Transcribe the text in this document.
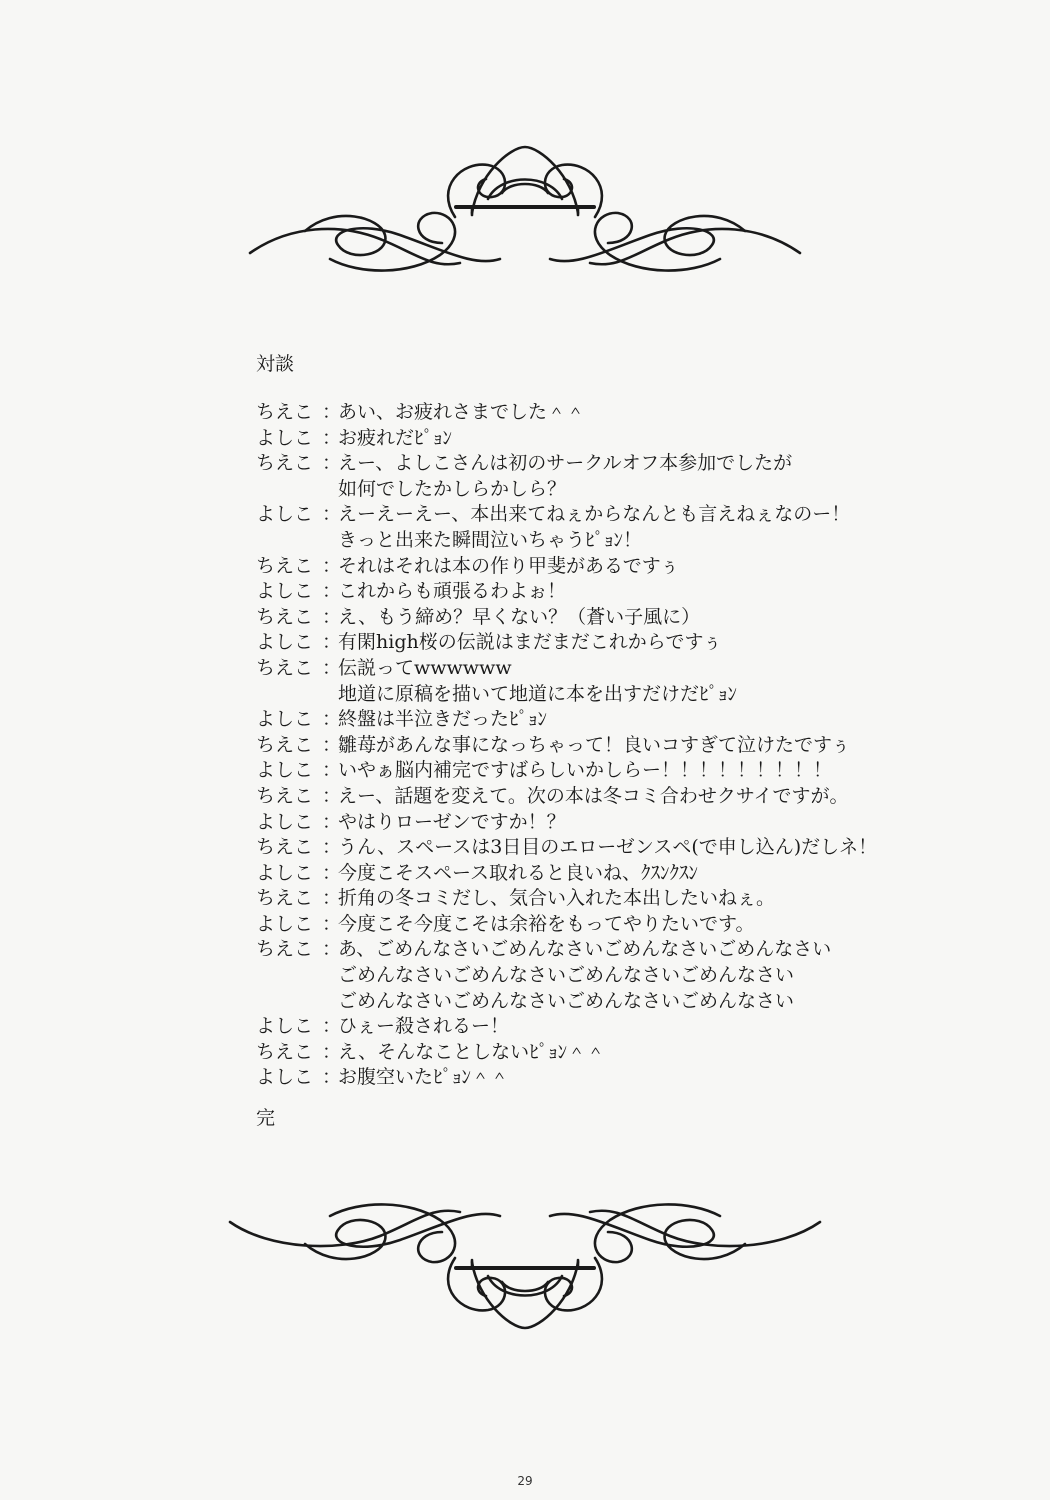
対談
ちえこ ：
あい、お疲れさまでした＾＾
よしこ ：
お疲れだﾋﾟｮﾝ
ちえこ ：
えー、よしこさんは初のサークルオフ本参加でしたが
如何でしたかしらかしら？
よしこ ：
えーえーえー、本出来てねぇからなんとも言えねぇなのー！
きっと出来た瞬間泣いちゃうﾋﾟｮﾝ！
ちえこ ：
それはそれは本の作り甲斐があるですぅ
よしこ ：
これからも頑張るわよぉ！
ちえこ ：
え、もう締め？早くない？（蒼い子風に）
よしこ ：
有閑high桜の伝説はまだまだこれからですぅ
ちえこ ：
伝説ってwwwwww
地道に原稿を描いて地道に本を出すだけだﾋﾟｮﾝ
よしこ ：
終盤は半泣きだったﾋﾟｮﾝ
ちえこ ：
雛苺があんな事になっちゃって！良いコすぎて泣けたですぅ
よしこ ：
いやぁ脳内補完ですばらしいかしらー！！！！！！！！！
ちえこ ：
えー、話題を変えて。次の本は冬コミ合わせクサイですが。
よしこ ：
やはりローゼンですか！？
ちえこ ：
うん、スペースは3日目のエローゼンスペ(で申し込ん)だしネ！
よしこ ：
今度こそスペース取れると良いね、ｸｽﾝｸｽﾝ
ちえこ ：
折角の冬コミだし、気合い入れた本出したいねぇ。
よしこ ：
今度こそ今度こそは余裕をもってやりたいです。
ちえこ ：
あ、ごめんなさいごめんなさいごめんなさいごめんなさい
ごめんなさいごめんなさいごめんなさいごめんなさい
ごめんなさいごめんなさいごめんなさいごめんなさい
よしこ ：
ひぇー殺されるー！
ちえこ ：
え、そんなことしないﾋﾟｮﾝ＾＾
よしこ ：
お腹空いたﾋﾟｮﾝ＾＾
完
29
